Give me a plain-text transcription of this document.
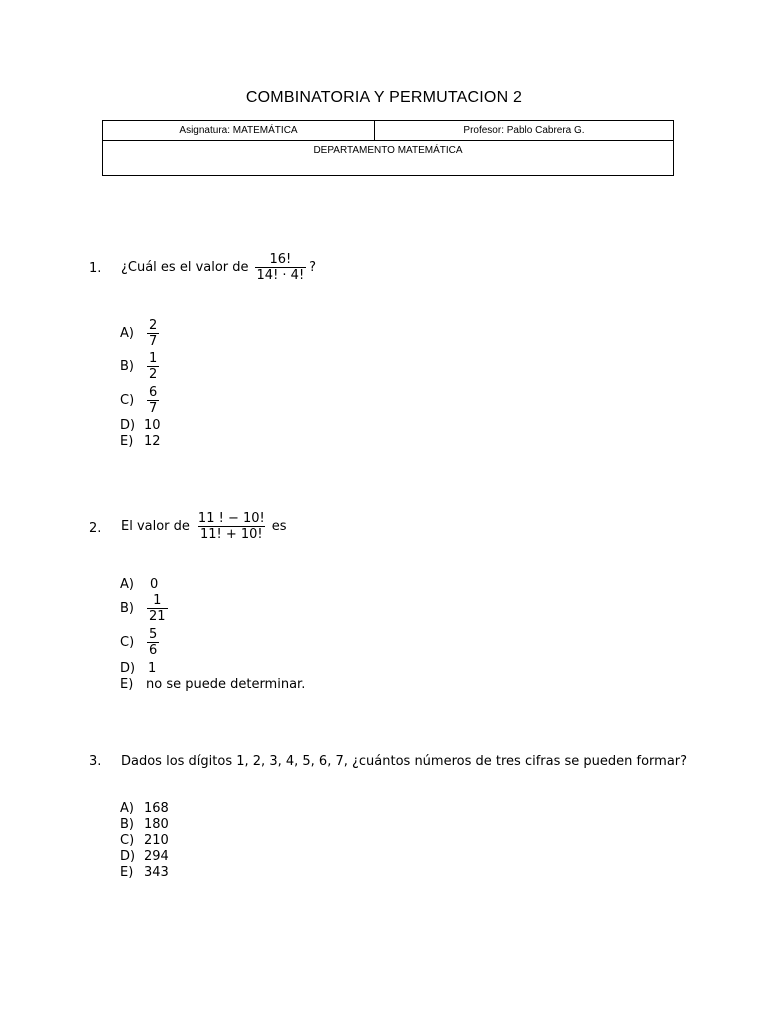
COMBINATORIA Y PERMUTACION 2
Asignatura: MATEMÁTICA	Profesor: Pablo Cabrera G.
DEPARTAMENTO MATEMÁTICA
1. ¿Cuál es el valor de $\frac{16!}{14! \cdot 4!}$ ?
A)	$\frac{2}{7}$
B)	$\frac{1}{2}$
$C) \frac{6}{7}$
D) 10
E) 12
2. El valor de $\frac{11 ! - 10!}{11! + 10!}$ es
A)	0
B)	$\frac{1}{21}$
$C) \frac{5}{6}$
D) 1
E) no se puede determinar.
3. Dados los dígitos 1, 2, 3, 4, 5, 6, 7, ¿cuántos números de tres cifras se pueden formar?
A) 168
B) 180
C) 210
D) 294
E) 343
